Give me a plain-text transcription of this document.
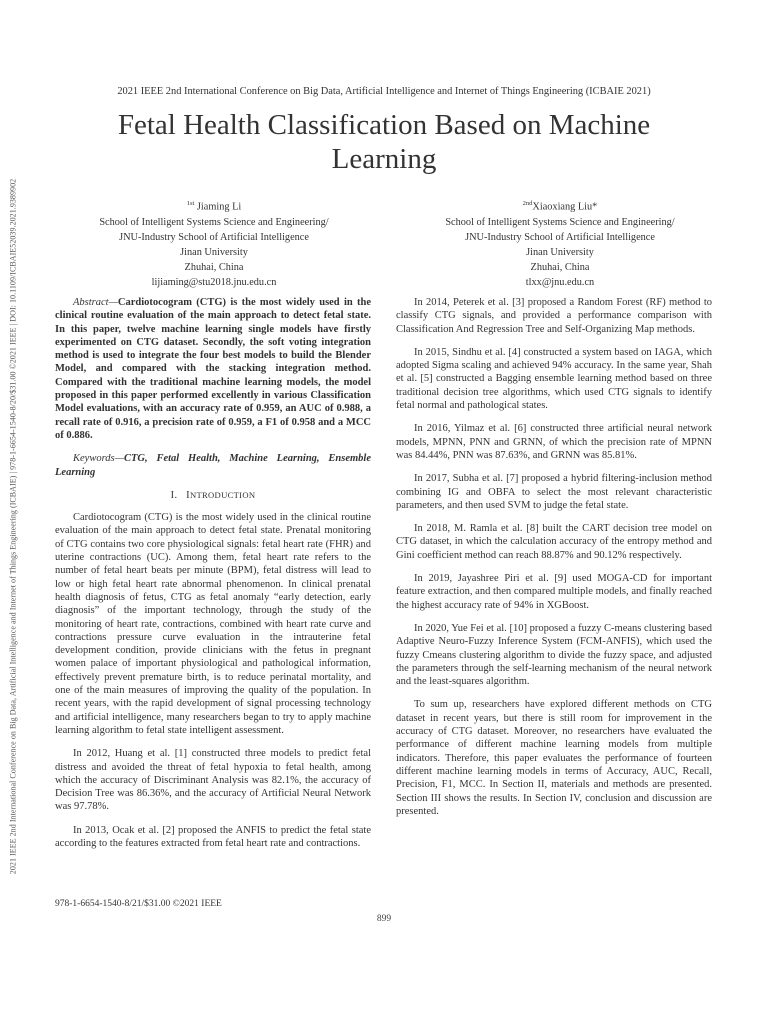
2021 IEEE 2nd International Conference on Big Data, Artificial Intelligence and Internet of Things Engineering (ICBAIE) | 978-1-6654-1540-8/20/$31.00 ©2021 IEEE | DOI: 10.1109/ICBAIE52039.2021.9389902
2021 IEEE 2nd International Conference on Big Data, Artificial Intelligence and Internet of Things Engineering (ICBAIE 2021)
Fetal Health Classification Based on Machine Learning
$^{1st}$ Jiaming Li
School of Intelligent Systems Science and Engineering/
JNU-Industry School of Artificial Intelligence
Jinan University
Zhuhai, China
lijiaming@stu2018.jnu.edu.cn
$^{2nd}$Xiaoxiang Liu*
School of Intelligent Systems Science and Engineering/
JNU-Industry School of Artificial Intelligence
Jinan University
Zhuhai, China
tlxx@jnu.edu.cn
Abstract—Cardiotocogram (CTG) is the most widely used in the clinical routine evaluation of the main approach to detect fetal state. In this paper, twelve machine learning single models have firstly experimented on CTG dataset. Secondly, the soft voting integration method is used to integrate the four best models to build the Blender Model, and compared with the stacking integration method. Compared with the traditional machine learning models, the model proposed in this paper performed excellently in various Classification Model evaluations, with an accuracy rate of 0.959, an AUC of 0.988, a recall rate of 0.916, a precision rate of 0.959, a F1 of 0.958 and a MCC of 0.886.
Keywords—CTG, Fetal Health, Machine Learning, Ensemble Learning
I. INTRODUCTION

Cardiotocogram (CTG) is the most widely used in the clinical routine evaluation of the main approach to detect fetal state. Prenatal monitoring of CTG contains two core physiological signals: fetal heart rate (FHR) and uterine contractions (UC). Among them, fetal heart rate refers to the number of fetal heart beats per minute (BPM), fetal distress will lead to low or high fetal heart rate abnormal phenomenon. In clinical prenatal health diagnosis of fetus, CTG as fetal anomaly “early detection, early diagnosis” of the important technology, through the study of the monitoring of heart rate, contractions, combined with heart rate curve and contractions pressure curve evaluation in the intrauterine fetal development condition, provide clinicians with the fetus in pregnant women palace of important physiological and pathological information, effectively prevent premature birth, is to reduce perinatal mortality, and one of the main measures of improving the quality of the population. In recent years, with the rapid development of signal processing technology and artificial intelligence, many researchers began to try to apply machine learning algorithm to fetal state intelligent assessment.

In 2012, Huang et al. [1] constructed three models to predict fetal distress and avoided the threat of fetal hypoxia to fetal health, among which the accuracy of Discriminant Analysis was 82.1%, the accuracy of Decision Tree was 86.36%, and the accuracy of Artificial Neural Network was 97.78%.

In 2013, Ocak et al. [2] proposed the ANFIS to predict the fetal state according to the features extracted from fetal heart rate and contractions.

In 2014, Peterek et al. [3] proposed a Random Forest (RF) method to classify CTG signals, and provided a performance comparison with Classification And Regression Tree and Self-Organizing Map methods.

In 2015, Sindhu et al. [4] constructed a system based on IAGA, which adopted Sigma scaling and achieved 94% accuracy. In the same year, Shah et al. [5] constructed a Bagging ensemble learning method based on three traditional decision tree algorithms, which used CTG signals to identify fetal normal and pathological states.

In 2016, Yilmaz et al. [6] constructed three artificial neural network models, MPNN, PNN and GRNN, of which the precision rate of MPNN was 84.44%, PNN was 87.63%, and GRNN was 85.81%.

In 2017, Subha et al. [7] proposed a hybrid filtering-inclusion method combining IG and OBFA to select the most relevant characteristic parameters, and then used SVM to judge the fetal state.

In 2018, M. Ramla et al. [8] built the CART decision tree model on CTG dataset, in which the calculation accuracy of the entropy method and Gini coefficient method can reach 88.87% and 90.12% respectively.

In 2019, Jayashree Piri et al. [9] used MOGA-CD for important feature extraction, and then compared multiple models, and finally reached the highest accuracy rate of 94% in XGBoost.

In 2020, Yue Fei et al. [10] proposed a fuzzy C-means clustering based Adaptive Neuro-Fuzzy Inference System (FCM-ANFIS), which used the fuzzy Cmeans clustering algorithm to divide the fuzzy space, and adjusted the parameters through the self-learning mechanism of the neural network and the least-squares algorithm.

To sum up, researchers have explored different methods on CTG dataset in recent years, but there is still room for improvement in the accuracy of CTG dataset. Moreover, no researchers have evaluated the performance of different machine learning models from multiple indicators. Therefore, this paper evaluates the performance of fourteen different machine learning models in terms of Accuracy, AUC, Recall, Precision, F1, MCC. In Section II, materials and methods are presented. Section III shows the results. In Section IV, conclusion and discussion are presented.

978-1-6654-1540-8/21/$31.00 ©2021 IEEE
899
